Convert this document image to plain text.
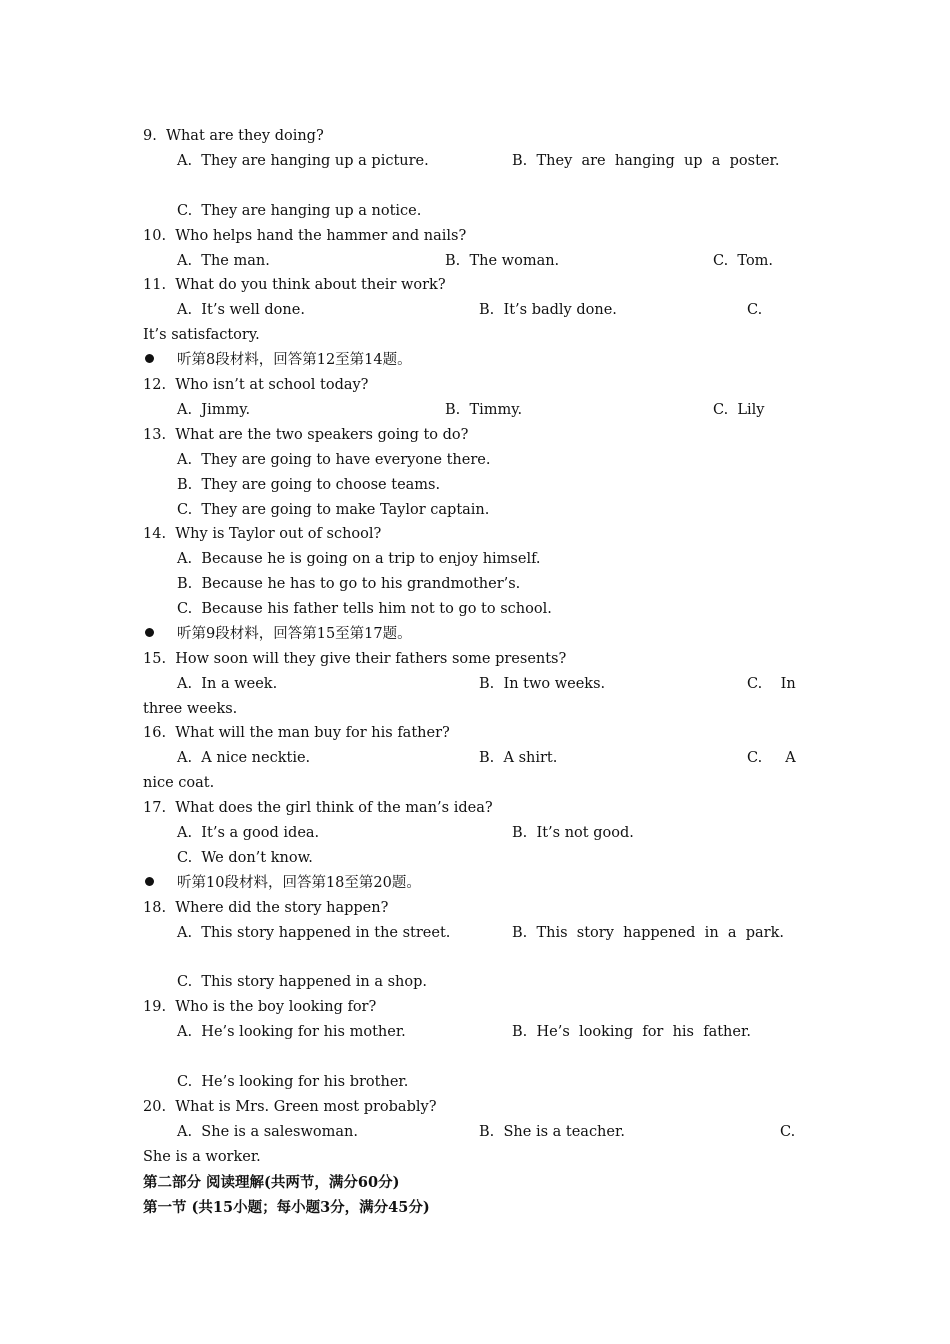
9.  What are they doing?
A.  They are hanging up a picture.	B.  They  are  hanging  up  a  poster.
C.  They are hanging up a notice.
10.  Who helps hand the hammer and nails?
A.  The man.	B.  The woman.	C.  Tom.
11.  What do you think about their work?
A.  It’s well done.	B.  It’s badly done.	C.
It’s satisfactory.
听第8段材料，回答第12至第14题。
12.  Who isn’t at school today?
A.  Jimmy.	B.  Timmy.	C.  Lily
13.  What are the two speakers going to do?
A.  They are going to have everyone there.
B.  They are going to choose teams.
C.  They are going to make Taylor captain.
14.  Why is Taylor out of school?
A.  Because he is going on a trip to enjoy himself.
B.  Because he has to go to his grandmother’s.
C.  Because his father tells him not to go to school.
听第9段材料，回答第15至第17题。
15.  How soon will they give their fathers some presents?
A.  In a week.	B.  In two weeks.	C.    In
three weeks.
16.  What will the man buy for his father?
A.  A nice necktie.	B.  A shirt.	C.     A
nice coat.
17.  What does the girl think of the man’s idea?
A.  It’s a good idea.	B.  It’s not good.
C.  We don’t know.
听第10段材料，回答第18至第20题。
18.  Where did the story happen?
A.  This story happened in the street.	B.  This  story  happened  in  a  park.
C.  This story happened in a shop.
19.  Who is the boy looking for?
A.  He’s looking for his mother.	B.  He’s  looking  for  his  father.
C.  He’s looking for his brother.
20.  What is Mrs. Green most probably?
A.  She is a saleswoman.	B.  She is a teacher.	C.
She is a worker.
第二部分 阅读理解(共两节，满分60分)
第一节 (共15小题；每小题3分，满分45分)
